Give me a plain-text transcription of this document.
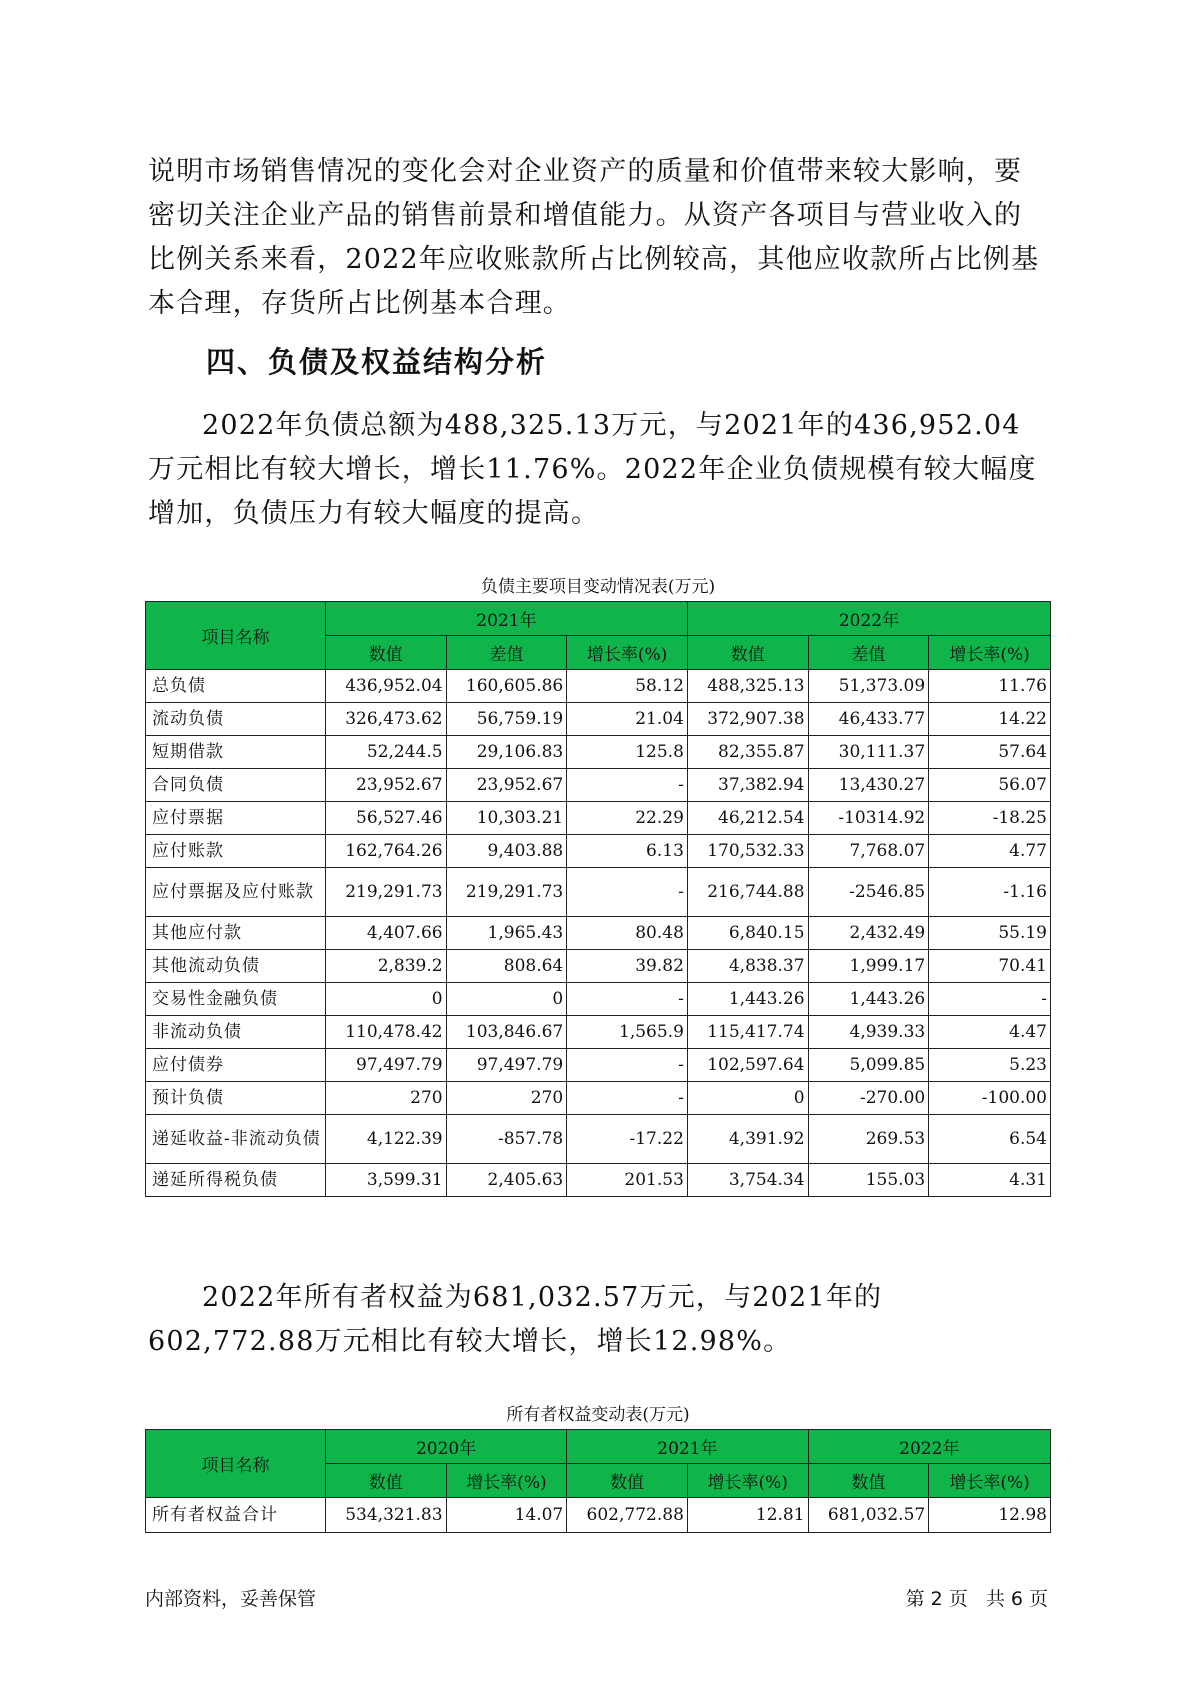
说明市场销售情况的变化会对企业资产的质量和价值带来较大影响，要密切关注企业产品的销售前景和增值能力。从资产各项目与营业收入的比例关系来看，2022年应收账款所占比例较高，其他应收款所占比例基本合理，存货所占比例基本合理。

四、负债及权益结构分析

2022年负债总额为488,325.13万元，与2021年的436,952.04万元相比有较大增长，增长11.76%。2022年企业负债规模有较大幅度增加，负债压力有较大幅度的提高。

负债主要项目变动情况表(万元)
项目名称	2021年			2022年		
	数值	差值	增长率(%)	数值	差值	增长率(%)
总负债	436,952.04	160,605.86	58.12	488,325.13	51,373.09	11.76
流动负债	326,473.62	56,759.19	21.04	372,907.38	46,433.77	14.22
短期借款	52,244.5	29,106.83	125.8	82,355.87	30,111.37	57.64
合同负债	23,952.67	23,952.67	-	37,382.94	13,430.27	56.07
应付票据	56,527.46	10,303.21	22.29	46,212.54	-10314.92	-18.25
应付账款	162,764.26	9,403.88	6.13	170,532.33	7,768.07	4.77
应付票据及应付账款	219,291.73	219,291.73	-	216,744.88	-2546.85	-1.16
其他应付款	4,407.66	1,965.43	80.48	6,840.15	2,432.49	55.19
其他流动负债	2,839.2	808.64	39.82	4,838.37	1,999.17	70.41
交易性金融负债	0	0	-	1,443.26	1,443.26	-
非流动负债	110,478.42	103,846.67	1,565.9	115,417.74	4,939.33	4.47
应付债券	97,497.79	97,497.79	-	102,597.64	5,099.85	5.23
预计负债	270	270	-	0	-270.00	-100.00
递延收益-非流动负债	4,122.39	-857.78	-17.22	4,391.92	269.53	6.54
递延所得税负债	3,599.31	2,405.63	201.53	3,754.34	155.03	4.31

2022年所有者权益为681,032.57万元，与2021年的602,772.88万元相比有较大增长，增长12.98%。

所有者权益变动表(万元)
项目名称	2020年		2021年		2022年	
	数值	增长率(%)	数值	增长率(%)	数值	增长率(%)
所有者权益合计	534,321.83	14.07	602,772.88	12.81	681,032.57	12.98
内部资料，妥善保管	第 2 页 共 6 页
